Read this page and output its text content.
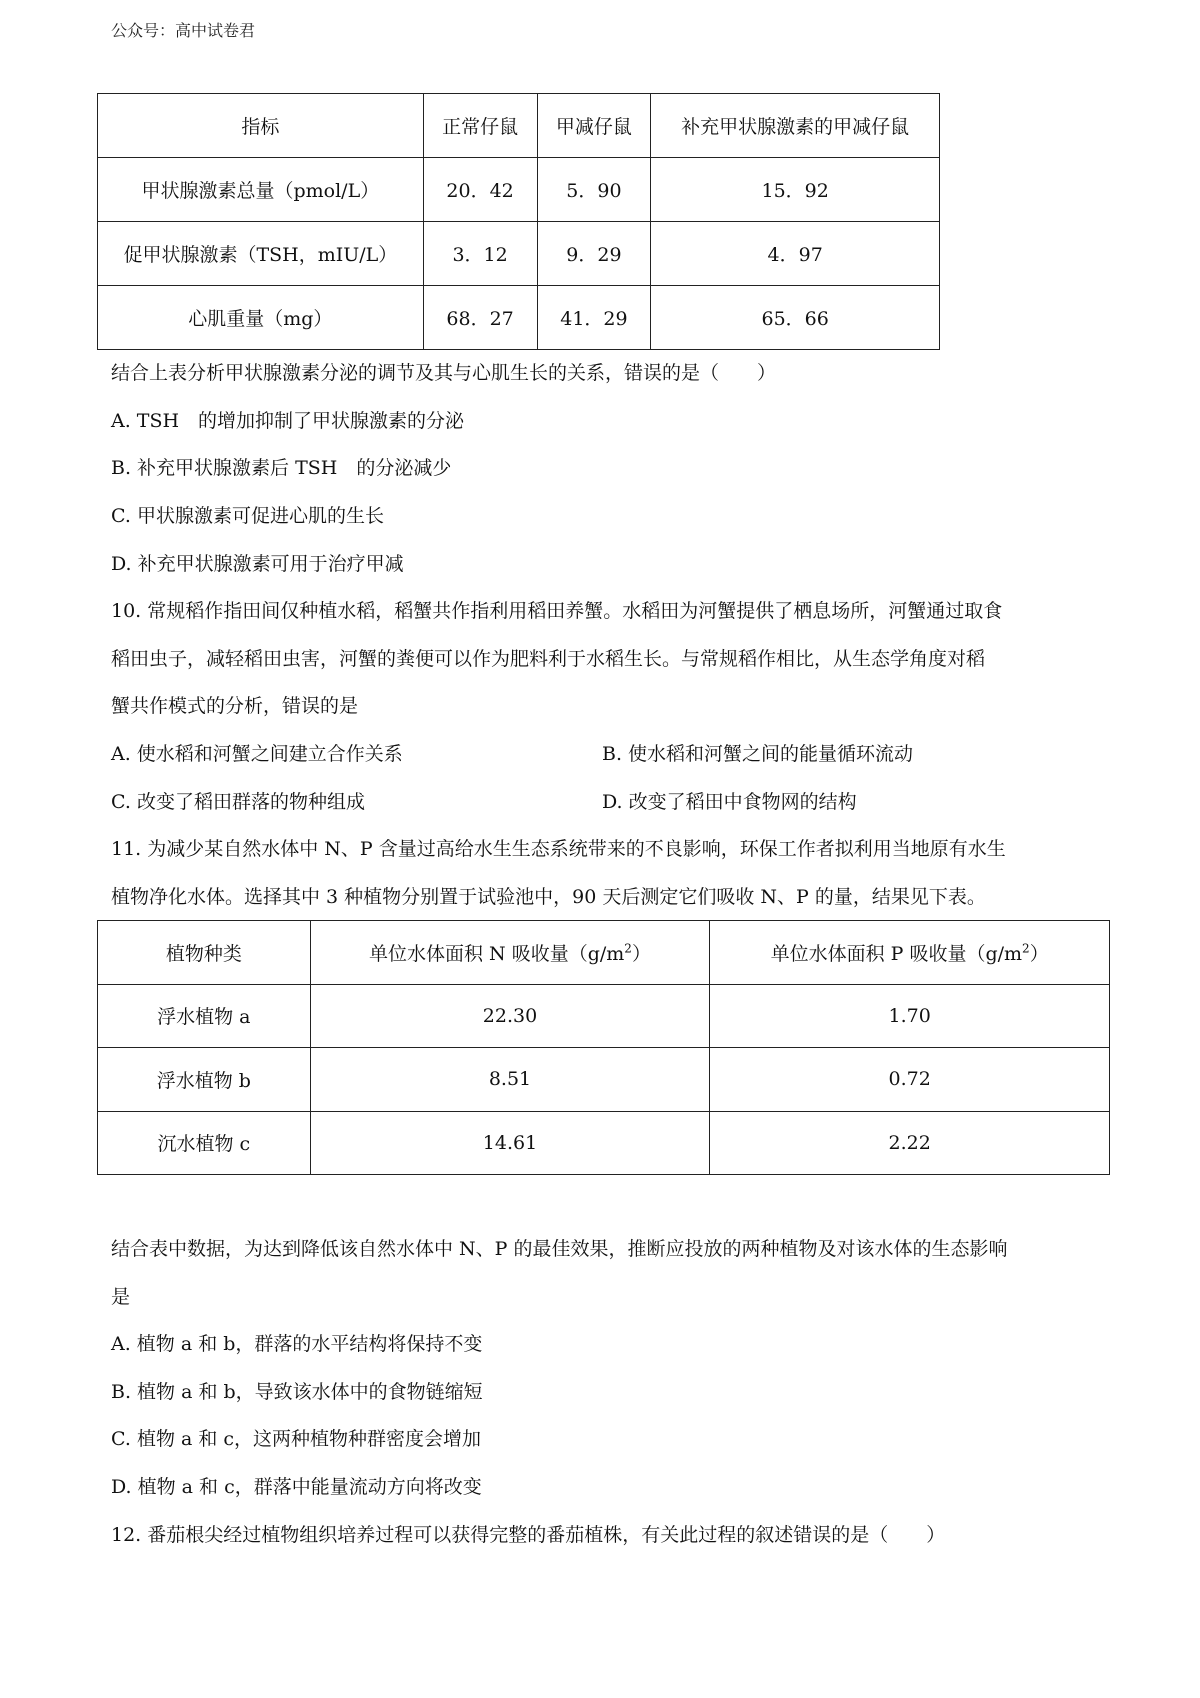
公众号：高中试卷君
指标	正常仔鼠	甲减仔鼠	补充甲状腺激素的甲减仔鼠
甲状腺激素总量（pmol/L）	20．42	5．90	15．92
促甲状腺激素（TSH，mIU/L）	3．12	9．29	4．97
心肌重量（mg）	68．27	41．29	65．66
结合上表分析甲状腺激素分泌的调节及其与心肌生长的关系，错误的是（　　）
A. TSH　的增加抑制了甲状腺激素的分泌
B. 补充甲状腺激素后 TSH　的分泌减少
C. 甲状腺激素可促进心肌的生长
D. 补充甲状腺激素可用于治疗甲减
10. 常规稻作指田间仅种植水稻，稻蟹共作指利用稻田养蟹。水稻田为河蟹提供了栖息场所，河蟹通过取食
稻田虫子，减轻稻田虫害，河蟹的粪便可以作为肥料利于水稻生长。与常规稻作相比，从生态学角度对稻
蟹共作模式的分析，错误的是
A. 使水稻和河蟹之间建立合作关系	B. 使水稻和河蟹之间的能量循环流动
C. 改变了稻田群落的物种组成	D. 改变了稻田中食物网的结构
11. 为减少某自然水体中 N、P 含量过高给水生生态系统带来的不良影响，环保工作者拟利用当地原有水生
植物净化水体。选择其中 3 种植物分别置于试验池中，90 天后测定它们吸收 N、P 的量，结果见下表。
植物种类	单位水体面积 N 吸收量$(g/m^2)$	单位水体面积 P 吸收量$(g/m^2)$
浮水植物 a	22.30	1.70
浮水植物 b	8.51	0.72
沉水植物 c	14.61	2.22
结合表中数据，为达到降低该自然水体中 N、P 的最佳效果，推断应投放的两种植物及对该水体的生态影响
是
A. 植物 a 和 b，群落的水平结构将保持不变
B. 植物 a 和 b，导致该水体中的食物链缩短
C. 植物 a 和 c，这两种植物种群密度会增加
D. 植物 a 和 c，群落中能量流动方向将改变
12. 番茄根尖经过植物组织培养过程可以获得完整的番茄植株，有关此过程的叙述错误的是（　　）
